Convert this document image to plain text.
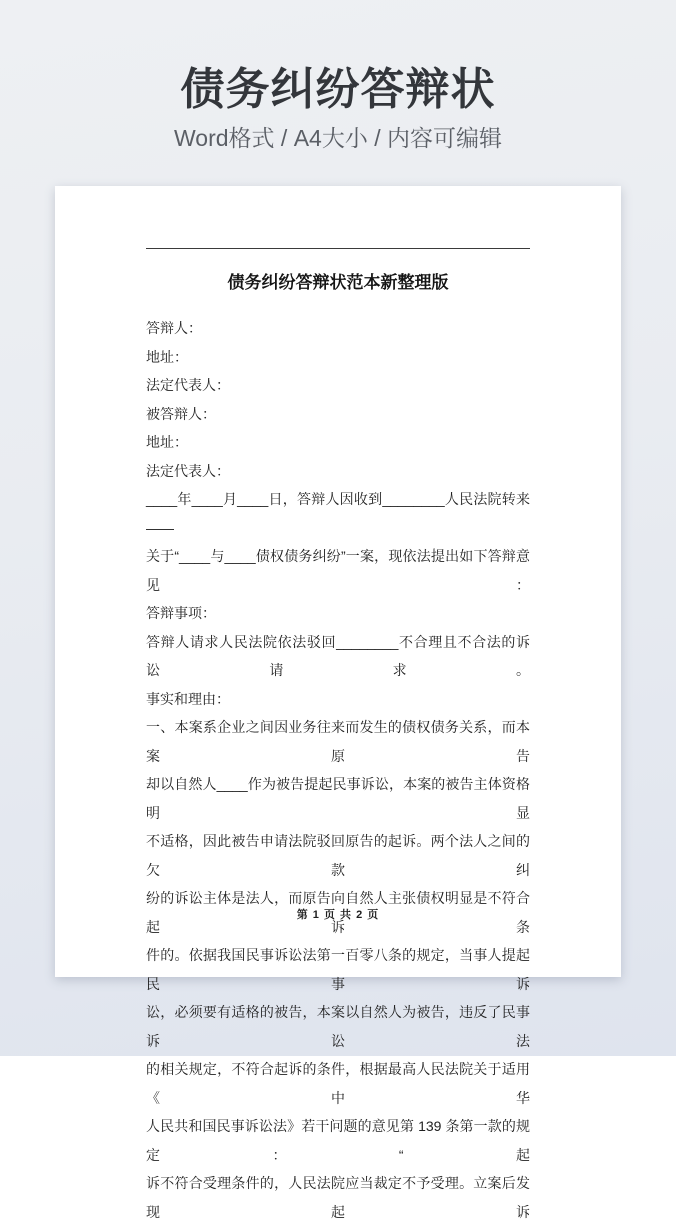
债务纠纷答辩状
Word格式 / A4大小 / 内容可编辑
债务纠纷答辩状范本新整理版
答辩人：
地址：
法定代表人：
被答辩人：
地址：
法定代表人：
____年____月____日，答辩人因收到________人民法院转来——
关于“____与____债权债务纠纷”一案，现依法提出如下答辩意见：
答辩事项：
答辩人请求人民法院依法驳回________不合理且不合法的诉讼请求。
事实和理由：
一、本案系企业之间因业务往来而发生的债权债务关系，而本案原告
却以自然人____作为被告提起民事诉讼，本案的被告主体资格明显
不适格，因此被告申请法院驳回原告的起诉。两个法人之间的欠款纠
纷的诉讼主体是法人，而原告向自然人主张债权明显是不符合起诉条
件的。依据我国民事诉讼法第一百零八条的规定，当事人提起民事诉
讼，必须要有适格的被告，本案以自然人为被告，违反了民事诉讼法
的相关规定，不符合起诉的条件，根据最高人民法院关于适用《中华
人民共和国民事诉讼法》若干问题的意见第 139 条第一款的规定：“起
诉不符合受理条件的，人民法院应当裁定不予受理。立案后发现起诉
第 1 页 共 2 页
